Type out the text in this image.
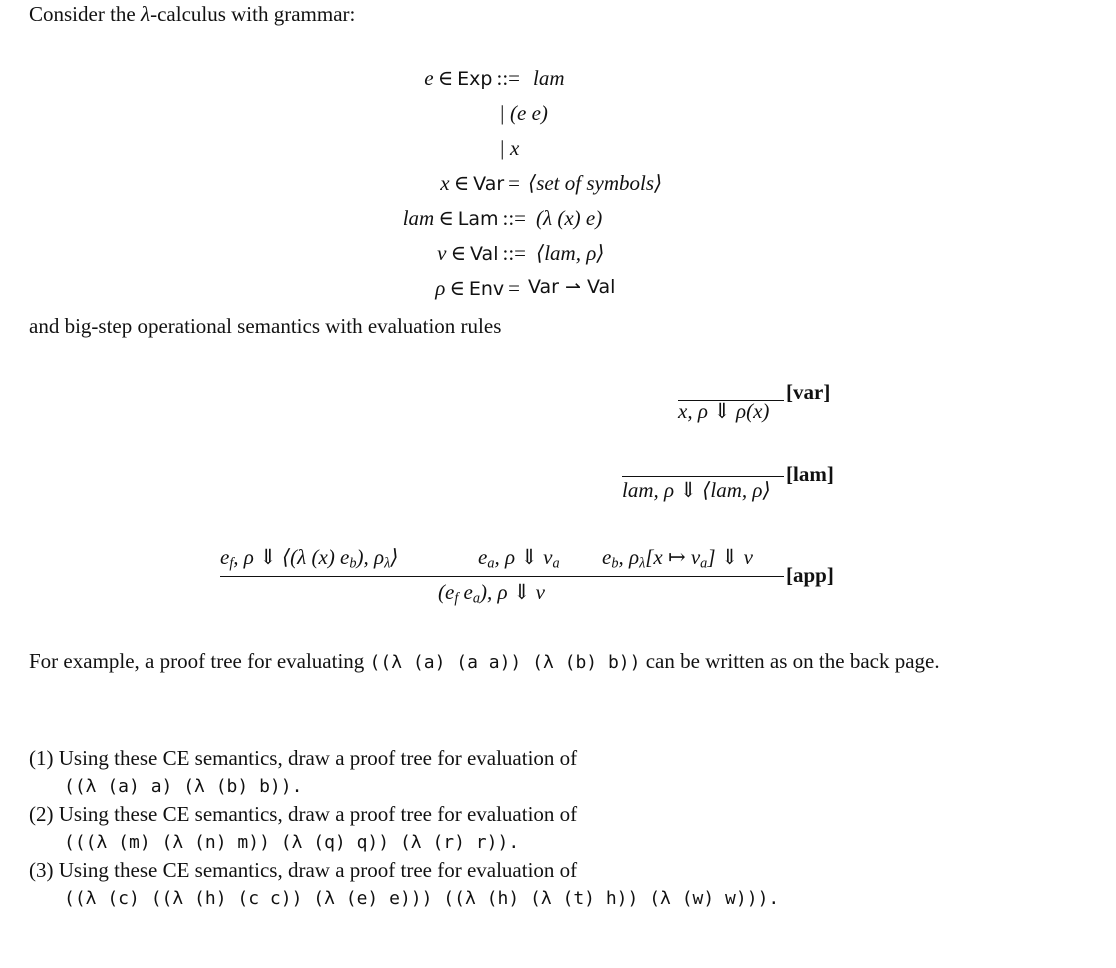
Consider the λ-calculus with grammar:
e ∈ Exp ::= lam
| (e e)
| x
x ∈ Var = ⟨set of symbols⟩
lam ∈ Lam ::= (λ (x) e)
v ∈ Val ::= ⟨lam, ρ⟩
ρ ∈ Env = Var ⇀ Val
and big-step operational semantics with evaluation rules
x, ρ ⇓ ρ(x)
[var]
lam, ρ ⇓ ⟨lam, ρ⟩
[lam]
$e_f$, ρ ⇓ ⟨(λ (x) $e_b$), $\rho_\lambda⟩$	$e_a$, ρ ⇓ $v_a$ $e_b$, $\rho_\lambda[x$ ↦ $v_a$] ⇓ v
($e_f$ $e_a$), ρ ⇓ v
[app]
For example, a proof tree for evaluating ((λ (a) (a a)) (λ (b) b)) can be written as on the back page.
(1) Using these CE semantics, draw a proof tree for evaluation of
((λ (a) a) (λ (b) b)).
(2) Using these CE semantics, draw a proof tree for evaluation of
(((λ (m) (λ (n) m)) (λ (q) q)) (λ (r) r)).
(3) Using these CE semantics, draw a proof tree for evaluation of
((λ (c) ((λ (h) (c c)) (λ (e) e))) ((λ (h) (λ (t) h)) (λ (w) w))).
